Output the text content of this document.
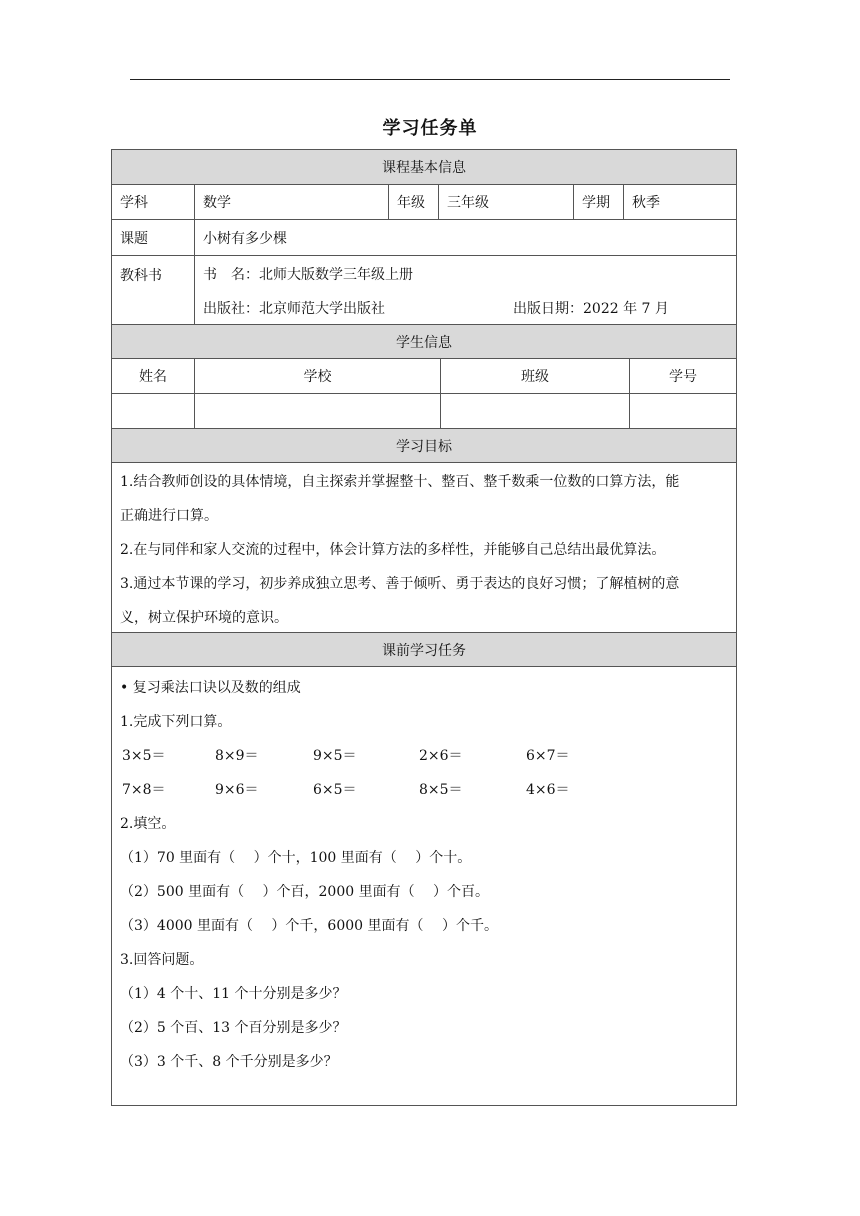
学习任务单
课程基本信息
学科	数学	年级	三年级	学期	秋季
课题	小树有多少棵
教科书	书　名：北师大版数学三年级上册
出版社：北京师范大学出版社	出版日期：2022 年 7 月
学生信息
姓名	学校	班级	学号
学习目标
1.结合教师创设的具体情境，自主探索并掌握整十、整百、整千数乘一位数的口算方法，能
正确进行口算。
2.在与同伴和家人交流的过程中，体会计算方法的多样性，并能够自己总结出最优算法。
3.通过本节课的学习，初步养成独立思考、善于倾听、勇于表达的良好习惯；了解植树的意
义，树立保护环境的意识。
课前学习任务
• 复习乘法口诀以及数的组成
1.完成下列口算。
3×5＝	8×9＝	9×5＝	2×6＝	6×7＝
7×8＝	9×6＝	6×5＝	8×5＝	4×6＝
2.填空。
（1）70 里面有（　 ）个十，100 里面有（　 ）个十。
（2）500 里面有（　 ）个百，2000 里面有（　 ）个百。
（3）4000 里面有（　 ）个千，6000 里面有（　 ）个千。
3.回答问题。
（1）4 个十、11 个十分别是多少？
（2）5 个百、13 个百分别是多少？
（3）3 个千、8 个千分别是多少？
